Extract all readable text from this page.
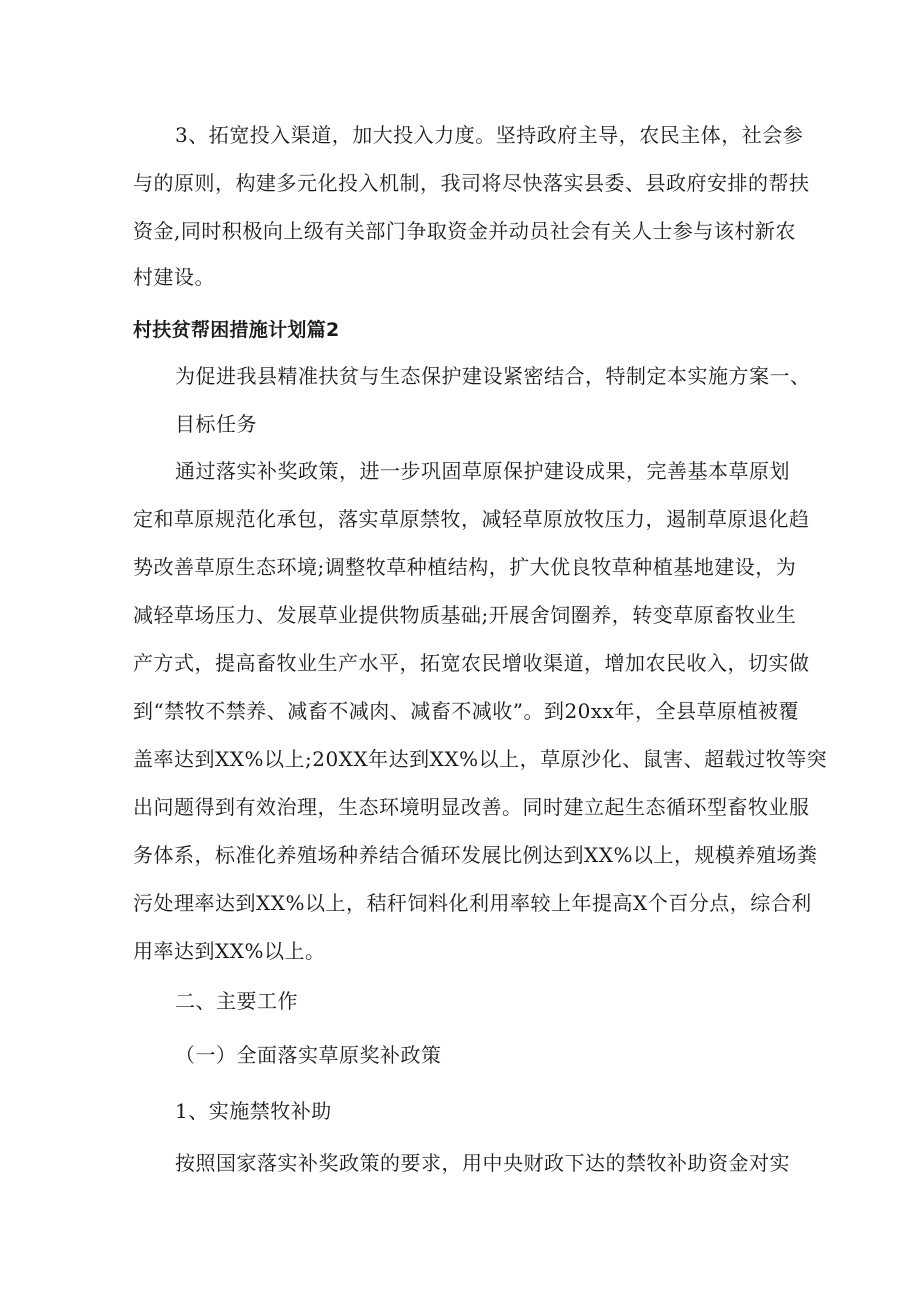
3、拓宽投入渠道，加大投入力度。坚持政府主导，农民主体，社会参
与的原则，构建多元化投入机制，我司将尽快落实县委、县政府安排的帮扶
资金,同时积极向上级有关部门争取资金并动员社会有关人士参与该村新农
村建设。
村扶贫帮困措施计划篇2
为促进我县精准扶贫与生态保护建设紧密结合，特制定本实施方案一、
目标任务
通过落实补奖政策，进一步巩固草原保护建设成果，完善基本草原划
定和草原规范化承包，落实草原禁牧，减轻草原放牧压力，遏制草原退化趋
势改善草原生态环境;调整牧草种植结构，扩大优良牧草种植基地建设，为
减轻草场压力、发展草业提供物质基础;开展舍饲圈养，转变草原畜牧业生
产方式，提高畜牧业生产水平，拓宽农民增收渠道，增加农民收入，切实做
到“禁牧不禁养、减畜不减肉、减畜不减收”。到20xx年，全县草原植被覆
盖率达到XX%以上;20XX年达到XX%以上，草原沙化、鼠害、超载过牧等突
出问题得到有效治理，生态环境明显改善。同时建立起生态循环型畜牧业服
务体系，标准化养殖场种养结合循环发展比例达到XX%以上，规模养殖场粪
污处理率达到XX%以上，秸秆饲料化利用率较上年提高X个百分点，综合利
用率达到XX%以上。
二、主要工作
（一）全面落实草原奖补政策
1、实施禁牧补助
按照国家落实补奖政策的要求，用中央财政下达的禁牧补助资金对实
